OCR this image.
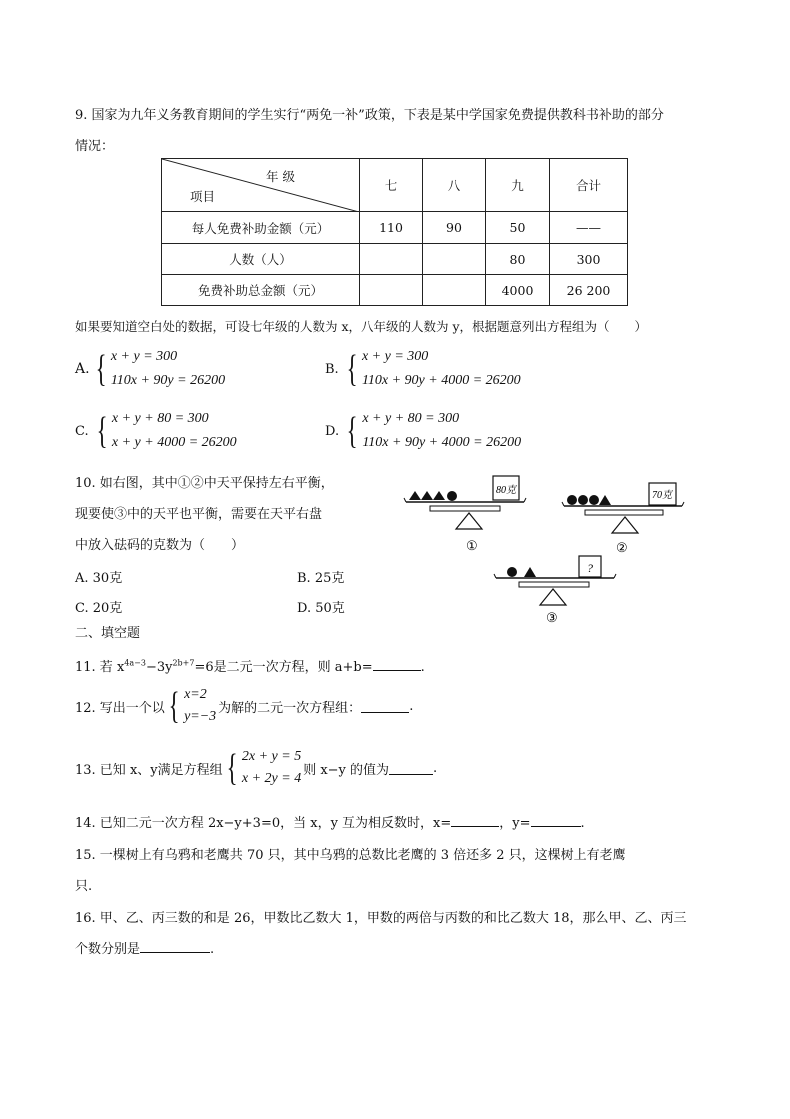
9. 国家为九年义务教育期间的学生实行“两免一补”政策，下表是某中学国家免费提供教科书补助的部分
情况：
年 级
项目	七	八	九	合计
每人免费补助金额（元）	110	90	50	——
人数（人）			80	300
免费补助总金额（元）			4000	26 200
如果要知道空白处的数据，可设七年级的人数为 x，八年级的人数为 y，根据题意列出方程组为（　　）
A. { x + y = 300
110x + 90y = 26200
B. { x + y = 300
110x + 90y + 4000 = 26200
C. { x + y + 80 = 300
x + y + 4000 = 26200
D. { x + y + 80 = 300
110x + 90y + 4000 = 26200
10. 如右图，其中①②中天平保持左右平衡，
现要使③中的天平也平衡，需要在天平右盘
中放入砝码的克数为（　　）
A. 30克	B. 25克
C. 20克	D. 50克
80克
①
70克
②
?
③
二、填空题
11. 若 $x^{4a-3}-3y^{2b+7}=6$是二元一次方程，则 a+b=	.
12. 写出一个以 { x=2
y=−3
为解的二元一次方程组：	.
13. 已知 x、y满足方程组 { 2x + y = 5
x + 2y = 4
则 x−y 的值为	.
14. 已知二元一次方程 2x−y+3=0，当 x，y 互为相反数时，x=	，y=	.
15. 一棵树上有乌鸦和老鹰共 70 只，其中乌鸦的总数比老鹰的 3 倍还多 2 只，这棵树上有老鹰
只.
16. 甲、乙、丙三数的和是 26，甲数比乙数大 1，甲数的两倍与丙数的和比乙数大 18，那么甲、乙、丙三
个数分别是	.
